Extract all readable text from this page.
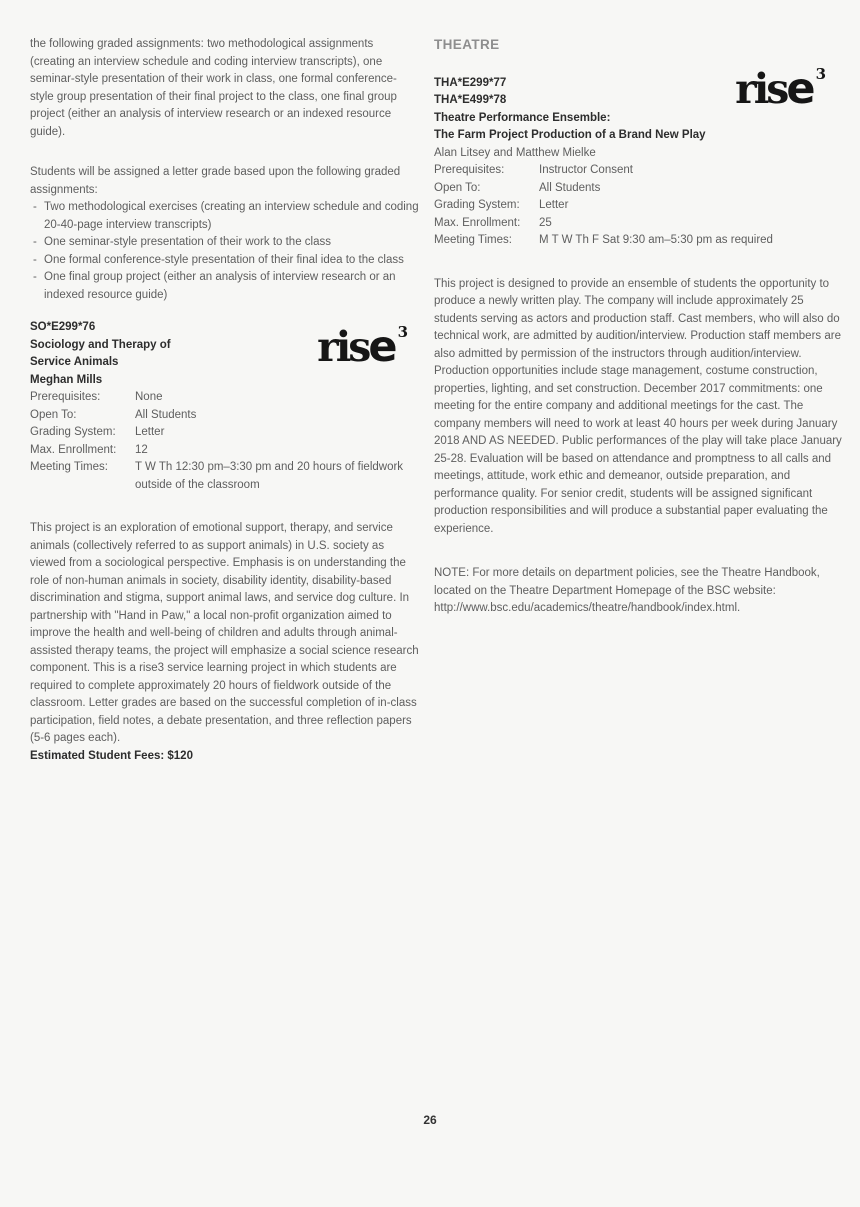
the following graded assignments: two methodological assignments (creating an interview schedule and coding interview transcripts), one seminar-style presentation of their work in class, one formal conference-style group presentation of their final project to the class, one final group project (either an analysis of interview research or an indexed resource guide).

Students will be assigned a letter grade based upon the following graded assignments:

- Two methodological exercises (creating an interview schedule and coding 20-40-page interview transcripts)
- One seminar-style presentation of their work to the class
- One formal conference-style presentation of their final idea to the class
- One final group project (either an analysis of interview research or an indexed resource guide)
rise3
SO*E299*76
Sociology and Therapy of
Service Animals
Meghan Mills
Prerequisites:	None
Open To:	All Students
Grading System:	Letter
Max. Enrollment:	12
Meeting Times:	T W Th 12:30 pm–3:30 pm and 20 hours of fieldwork outside of the classroom

This project is an exploration of emotional support, therapy, and service animals (collectively referred to as support animals) in U.S. society as viewed from a sociological perspective. Emphasis is on understanding the role of non-human animals in society, disability identity, disability-based discrimination and stigma, support animal laws, and service dog culture. In partnership with "Hand in Paw," a local non-profit organization aimed to improve the health and well-being of children and adults through animal-assisted therapy teams, the project will emphasize a social science research component. This is a rise3 service learning project in which students are required to complete approximately 20 hours of fieldwork outside of the classroom. Letter grades are based on the successful completion of in-class participation, field notes, a debate presentation, and three reflection papers (5-6 pages each).

Estimated Student Fees: $120
THEATRE
rise3
THA*E299*77
THA*E499*78
Theatre Performance Ensemble:
The Farm Project Production of a Brand New Play
Alan Litsey and Matthew Mielke
Prerequisites:	Instructor Consent
Open To:	All Students
Grading System:	Letter
Max. Enrollment:	25
Meeting Times:	M T W Th F Sat 9:30 am–5:30 pm as required

This project is designed to provide an ensemble of students the opportunity to produce a newly written play. The company will include approximately 25 students serving as actors and production staff. Cast members, who will also do technical work, are admitted by audition/interview. Production staff members are also admitted by permission of the instructors through audition/interview. Production opportunities include stage management, costume construction, properties, lighting, and set construction. December 2017 commitments: one meeting for the entire company and additional meetings for the cast. The company members will need to work at least 40 hours per week during January 2018 AND AS NEEDED. Public performances of the play will take place January 25-28. Evaluation will be based on attendance and promptness to all calls and meetings, attitude, work ethic and demeanor, outside preparation, and performance quality. For senior credit, students will be assigned significant production responsibilities and will produce a substantial paper evaluating the experience.

NOTE: For more details on department policies, see the Theatre Handbook, located on the Theatre Department Homepage of the BSC website: http://www.bsc.edu/academics/theatre/handbook/index.html.

26
